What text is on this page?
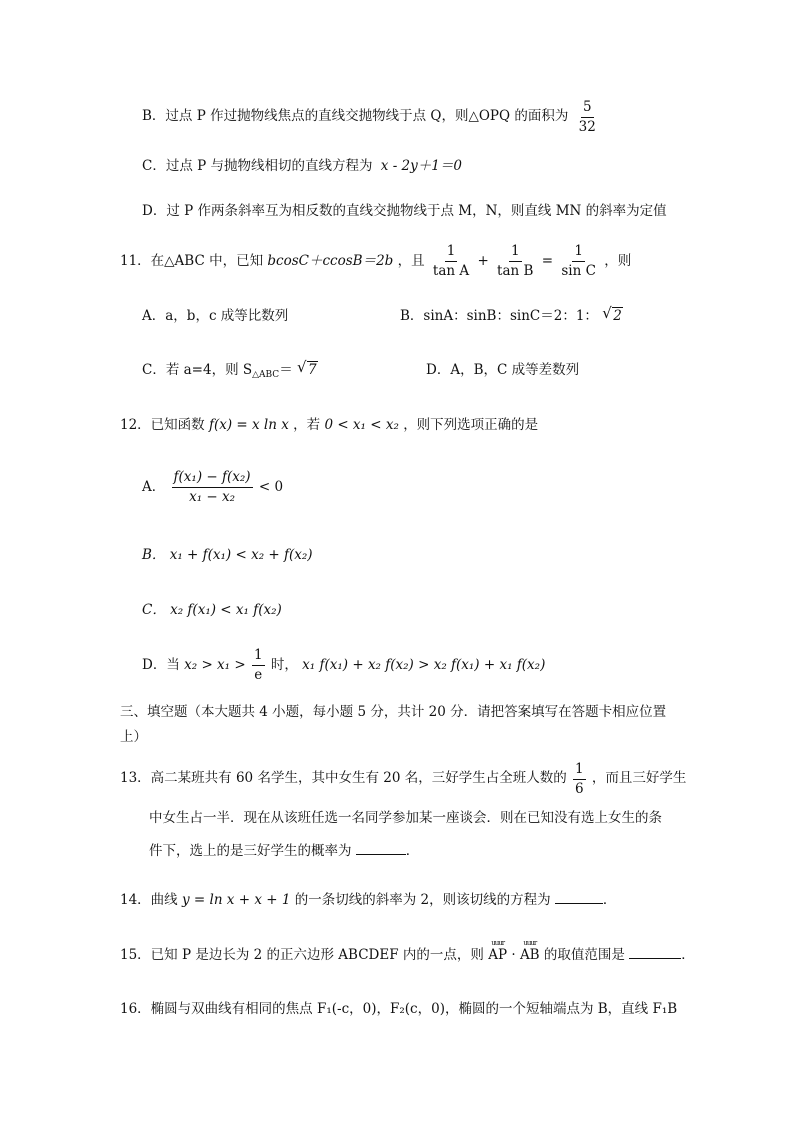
B．过点 P 作过抛物线焦点的直线交抛物线于点 Q，则△OPQ 的面积为 $\frac{5}{32}$
C．过点 P 与抛物线相切的直线方程为 x - 2y＋1＝0
D．过 P 作两条斜率互为相反数的直线交抛物线于点 M，N，则直线 MN 的斜率为定值
11．在△ABC 中，已知 bcosC＋ccosB＝2b ，且 $\frac{1}{\text{tan A}} + \frac{1}{\text{tan B}} = \frac{1}{\text{sin C}}$ ，则
A．a，b，c 成等比数列	B．sinA：sinB：sinC＝2：1： √ 2
C．若 a=4，则 $S_{\triangle ABC}=$ √ 7	D．A，B，C 成等差数列
12．已知函数 f(x) = x ln x ，若 0 < x₁ < x₂ ，则下列选项正确的是
A． $\frac{\text{f(x₁) − f(x₂)}}{\text{x₁ − x₂}} < 0$
B． x₁ + f(x₁) < x₂ + f(x₂)
C． x₂ f(x₁) < x₁ f(x₂)
D．当 $x_2 > x_1 > \frac{1}{e}$ 时， x₁ f(x₁) + x₂ f(x₂) > x₂ f(x₁) + x₁ f(x₂)
三、填空题（本大题共 4 小题，每小题 5 分，共计 20 分．请把答案填写在答题卡相应位置
上）
13．高二某班共有 60 名学生，其中女生有 20 名，三好学生占全班人数的 $\frac{1}{6}$ ，而且三好学生
中女生占一半．现在从该班任选一名同学参加某一座谈会．则在已知没有选上女生的条
件下，选上的是三好学生的概率为	．
14．曲线 y = ln x + x + 1 的一条切线的斜率为 2，则该切线的方程为	．
15．已知 P 是边长为 2 的正六边形 ABCDEF 内的一点，则
uuur
AP ·
uuur
AB 的取值范围是	．
16．椭圆与双曲线有相同的焦点 F₁(-c，0)，F₂(c，0)，椭圆的一个短轴端点为 B，直线 F₁B
